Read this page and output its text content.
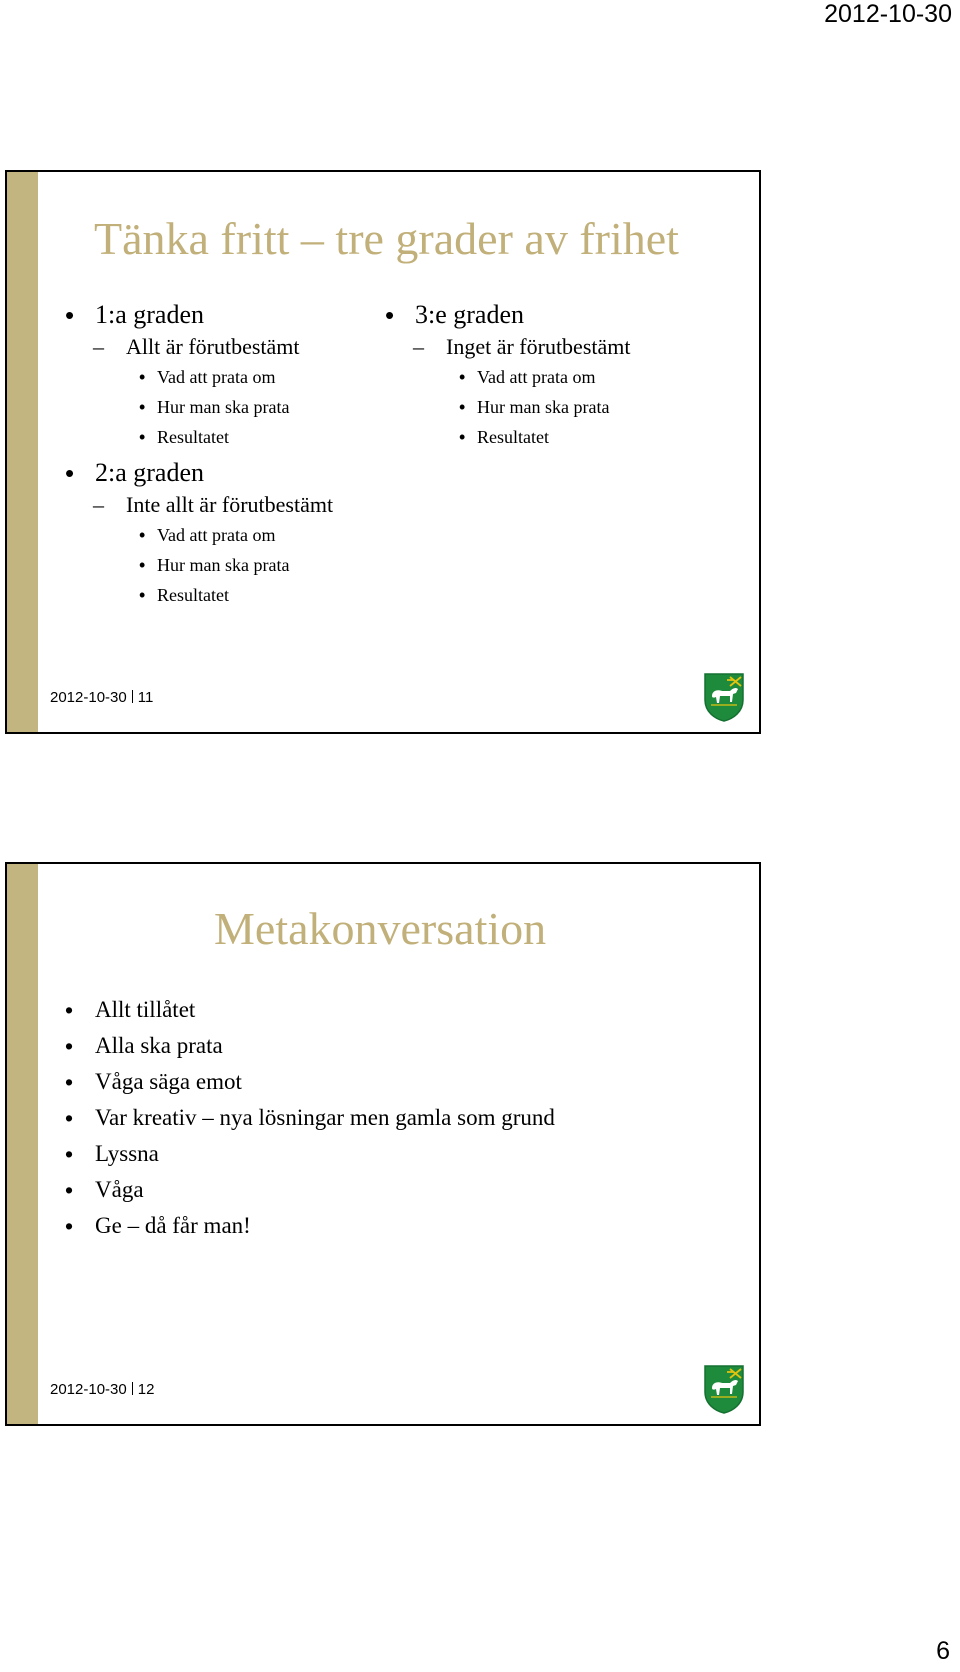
2012-10-30
Tänka fritt – tre grader av frihet
• 1:a graden
– Allt är förutbestämt
• Vad att prata om
• Hur man ska prata
• Resultatet
• 2:a graden
– Inte allt är förutbestämt
• Vad att prata om
• Hur man ska prata
• Resultatet
• 3:e graden
– Inget är förutbestämt
• Vad att prata om
• Hur man ska prata
• Resultatet
2012-10-30 11
Metakonversation
• Allt tillåtet
• Alla ska prata
• Våga säga emot
• Var kreativ – nya lösningar men gamla som grund
• Lyssna
• Våga
• Ge – då får man!
2012-10-30 12
6
